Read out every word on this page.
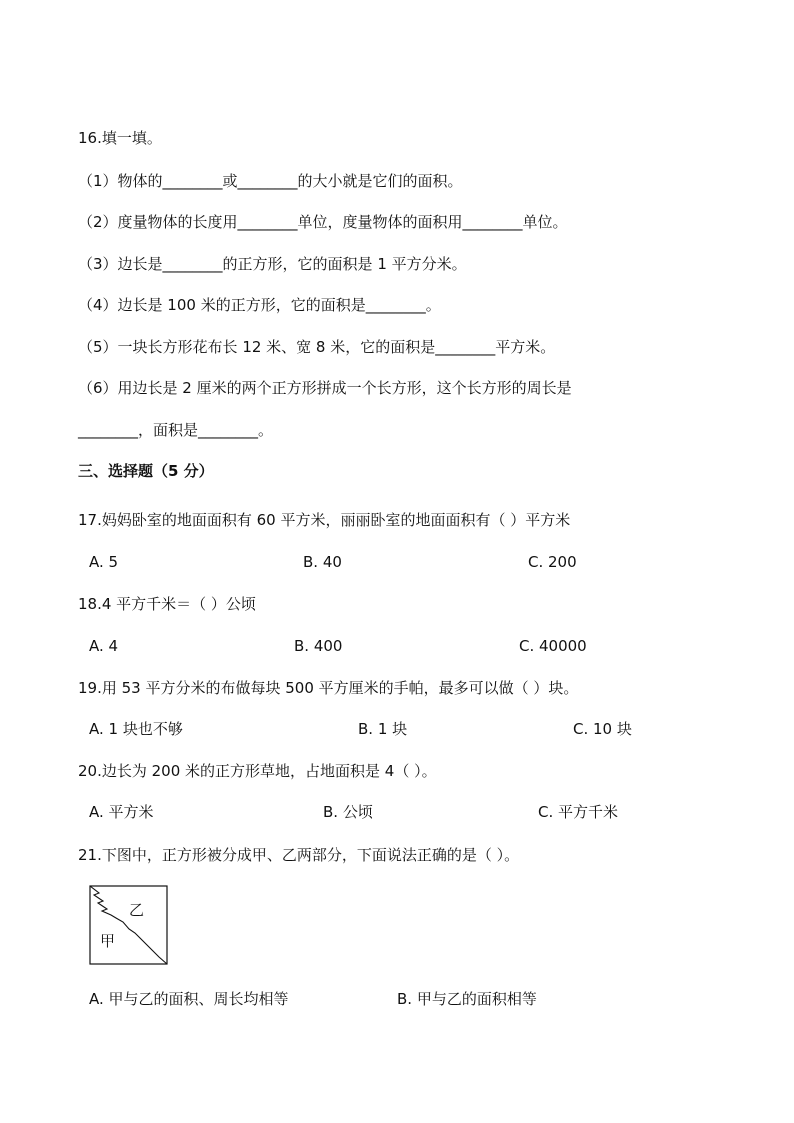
16.填一填。
（1）物体的________或________的大小就是它们的面积。
（2）度量物体的长度用________单位，度量物体的面积用________单位。
（3）边长是________的正方形，它的面积是 1 平方分米。
（4）边长是 100 米的正方形，它的面积是________。
（5）一块长方形花布长 12 米、宽 8 米，它的面积是________平方米。
（6）用边长是 2 厘米的两个正方形拼成一个长方形，这个长方形的周长是
________，面积是________。
三、选择题（5 分）
17.妈妈卧室的地面面积有 60 平方米，丽丽卧室的地面面积有（ ）平方米
A. 5	B. 40	C. 200
18.4 平方千米＝（ ）公顷
A. 4	B. 400	C. 40000
19.用 53 平方分米的布做每块 500 平方厘米的手帕，最多可以做（ ）块。
A. 1 块也不够	B. 1 块	C. 10 块
20.边长为 200 米的正方形草地，占地面积是 4（ ）。
A. 平方米	B. 公顷	C. 平方千米
21.下图中，正方形被分成甲、乙两部分，下面说法正确的是（ ）。
甲
乙
A. 甲与乙的面积、周长均相等	B. 甲与乙的面积相等
